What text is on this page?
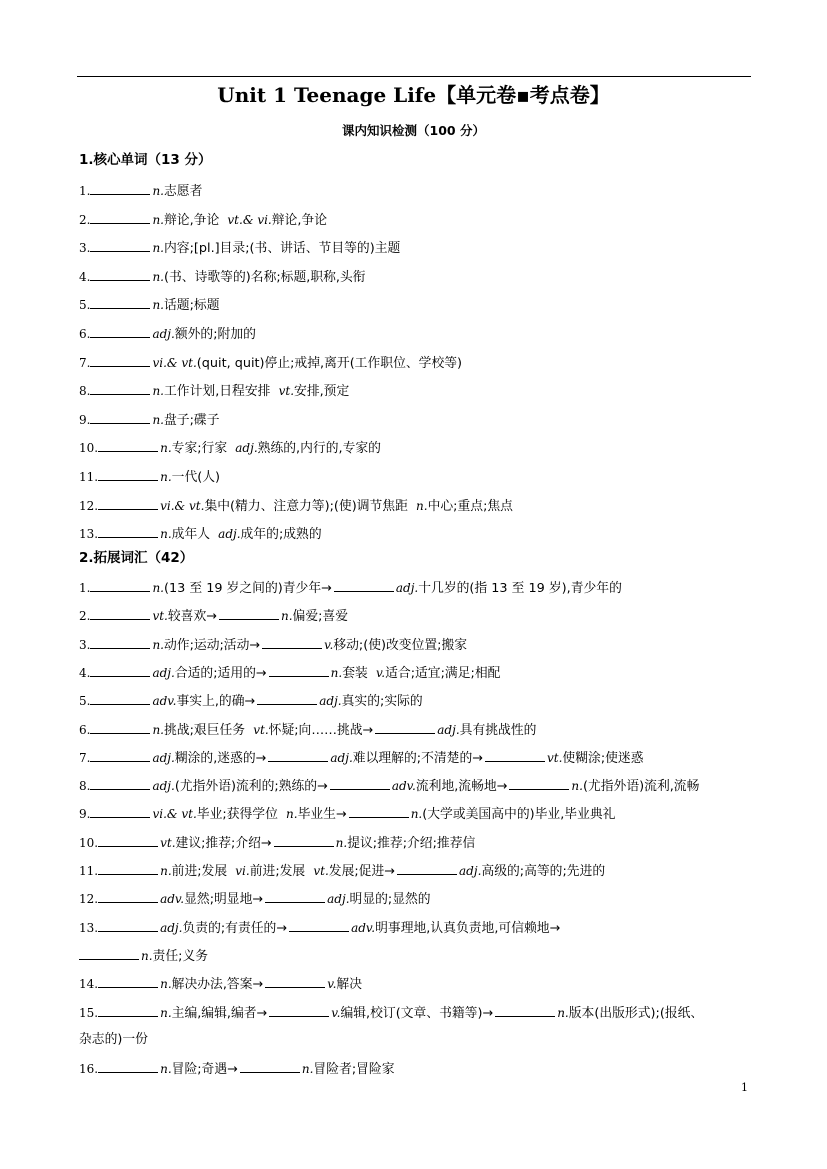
Unit 1 Teenage Life【单元卷▪考点卷】
课内知识检测（100 分）
1.核心单词（13 分）
1.	n.志愿者
2.	n.辩论,争论 vt.& vi.辩论,争论
3.	n.内容;[pl.]目录;(书、讲话、节目等的)主题
4.	n.(书、诗歌等的)名称;标题,职称,头衔
5.	n.话题;标题
6.	adj.额外的;附加的
7.	vi.& vt.(quit, quit)停止;戒掉,离开(工作职位、学校等)
8.	n.工作计划,日程安排 vt.安排,预定
9.	n.盘子;碟子
10.	n.专家;行家 adj.熟练的,内行的,专家的
11.	n.一代(人)
12.	vi.& vt.集中(精力、注意力等);(使)调节焦距 n.中心;重点;焦点
13.	n.成年人 adj.成年的;成熟的
2.拓展词汇（42）
1.	n.(13 至 19 岁之间的)青少年→	adj.十几岁的(指 13 至 19 岁),青少年的
2.	vt.较喜欢→	n.偏爱;喜爱
3.	n.动作;运动;活动→	v.移动;(使)改变位置;搬家
4.	adj.合适的;适用的→	n.套装 v.适合;适宜;满足;相配
5.	adv.事实上,的确→	adj.真实的;实际的
6.	n.挑战;艰巨任务 vt.怀疑;向……挑战→	adj.具有挑战性的
7.	adj.糊涂的,迷惑的→	adj.难以理解的;不清楚的→	vt.使糊涂;使迷惑
8.	adj.(尤指外语)流利的;熟练的→	adv.流利地,流畅地→	n.(尤指外语)流利,流畅
9.	vi.& vt.毕业;获得学位 n.毕业生→	n.(大学或美国高中的)毕业,毕业典礼
10.	vt.建议;推荐;介绍→	n.提议;推荐;介绍;推荐信
11.	n.前进;发展 vi.前进;发展 vt.发展;促进→	adj.高级的;高等的;先进的
12.	adv.显然;明显地→	adj.明显的;显然的
13.	adj.负责的;有责任的→	adv.明事理地,认真负责地,可信赖地→
n.责任;义务
14.	n.解决办法,答案→	v.解决
15.	n.主编,编辑,编者→	v.编辑,校订(文章、书籍等)→	n.版本(出版形式);(报纸、
杂志的)一份
16.	n.冒险;奇遇→	n.冒险者;冒险家
1
